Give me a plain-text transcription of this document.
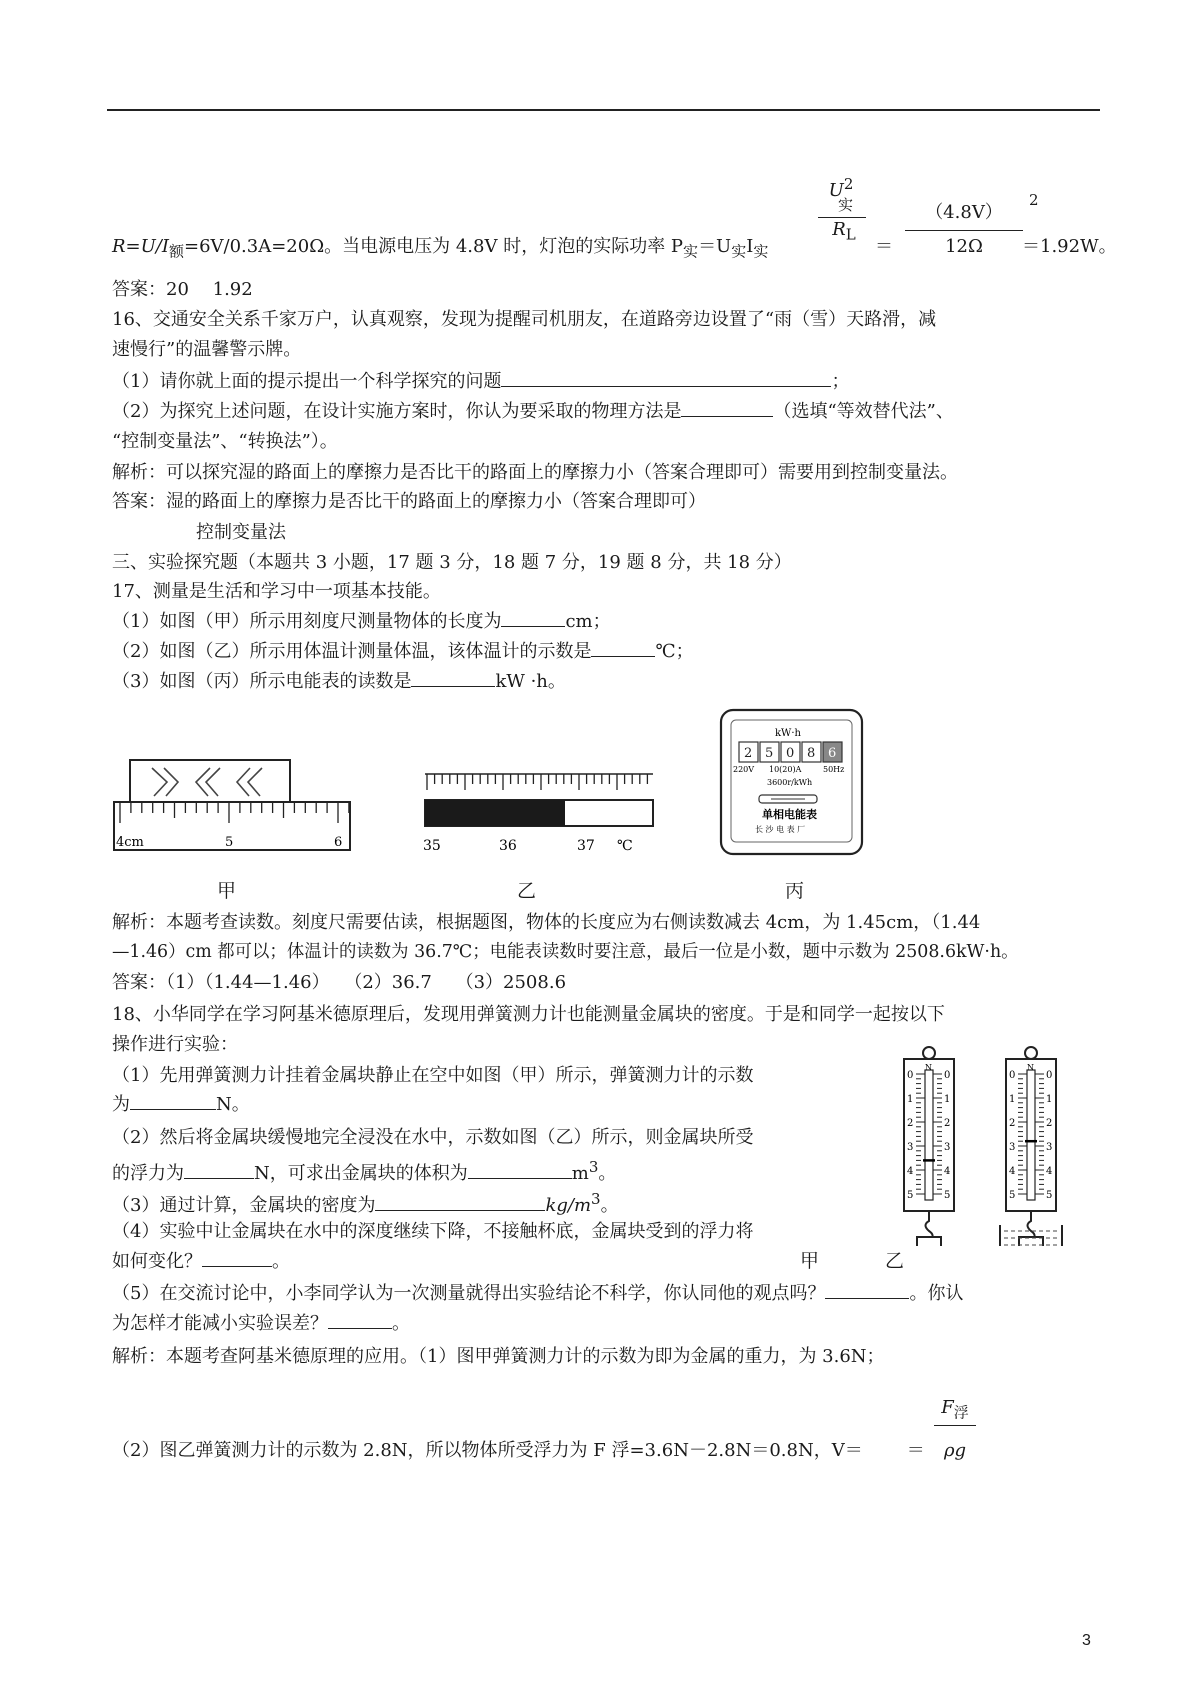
$U^2$

实
$R_L$
＝
（4.8V）
2
12Ω	＝1.92W。
$R=U/I_额=6V/0.3A=20\Omega$。当电源电压为 4.8V 时，灯泡的实际功率 $P_实=U_实I_实$
答案：20　 1.92
16、交通安全关系千家万户，认真观察，发现为提醒司机朋友，在道路旁边设置了“雨（雪）天路滑，减
速慢行”的温馨警示牌。
（1）请你就上面的提示提出一个科学探究的问题	；
（2）为探究上述问题，在设计实施方案时，你认为要采取的物理方法是	（选填“等效替代法”、
“控制变量法”、“转换法”）。
解析：可以探究湿的路面上的摩擦力是否比干的路面上的摩擦力小（答案合理即可）需要用到控制变量法。
答案：湿的路面上的摩擦力是否比干的路面上的摩擦力小（答案合理即可）
控制变量法
三、实验探究题（本题共 3 小题，17 题 3 分，18 题 7 分，19 题 8 分，共 18 分）
17、测量是生活和学习中一项基本技能。
（1）如图（甲）所示用刻度尺测量物体的长度为	cm；
（2）如图（乙）所示用体温计测量体温，该体温计的示数是	℃；
（3）如图（丙）所示电能表的读数是	kW ·h。
4cm	5	6
甲
35	36	37 ℃
乙
kW·h
2 5 0 8 6
220V 10(20)A	50Hz
3600r/kWh
单相电能表
长 沙 电 表 厂
丙
解析：本题考查读数。刻度尺需要估读，根据题图，物体的长度应为右侧读数减去 4cm，为 1.45cm，（1.44
—1.46）cm 都可以；体温计的读数为 36.7℃；电能表读数时要注意，最后一位是小数，题中示数为 2508.6kW·h。
答案：（1）（1.44—1.46）　 （2）36.7　 （3）2508.6
18、小华同学在学习阿基米德原理后，发现用弹簧测力计也能测量金属块的密度。于是和同学一起按以下
操作进行实验：
（1）先用弹簧测力计挂着金属块静止在空中如图（甲）所示，弹簧测力计的示数
为	N。
（2）然后将金属块缓慢地完全浸没在水中，示数如图（乙）所示，则金属块所受
的浮力为	N，可求出金属块的体积为	$m^3$。
（3）通过计算，金属块的密度为	$kg/m^3$。
（4）实验中让金属块在水中的深度继续下降，不接触杯底，金属块受到的浮力将
如何变化？	。
N
0	0
1	1
2	2
3	3
4	4
5	5
N
0	0
1	1
2	2
3	3
4	4
5	5
甲	乙
（5）在交流讨论中，小李同学认为一次测量就得出实验结论不科学，你认同他的观点吗？	。你认
为怎样才能减小实验误差？	。
解析：本题考查阿基米德原理的应用。（1）图甲弹簧测力计的示数为即为金属的重力，为 3.6N；
$F_浮$
（2）图乙弹簧测力计的示数为 2.8N，所以物体所受浮力为 F 浮=3.6N－2.8N＝0.8N，V＝ ＝	ρg
3
